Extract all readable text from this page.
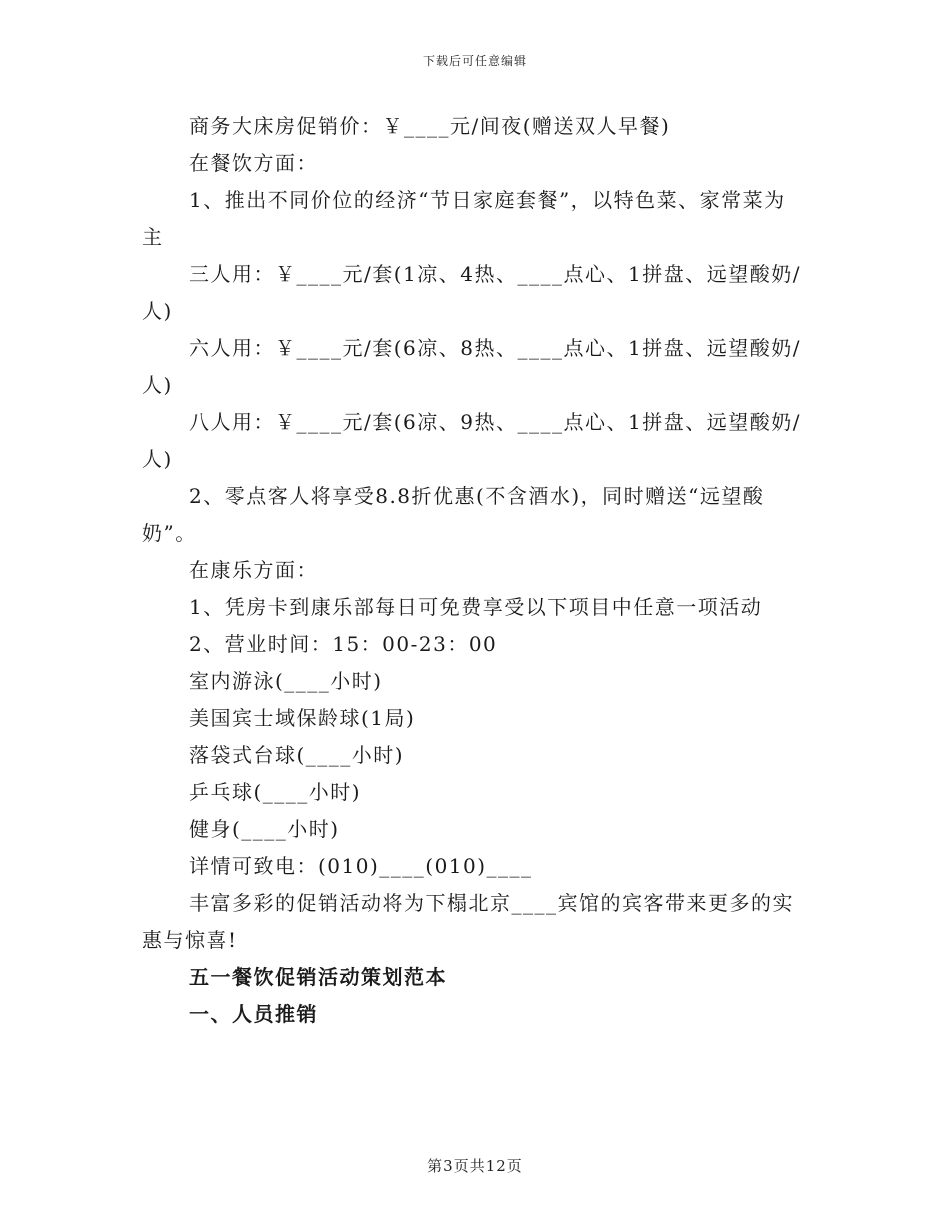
下载后可任意编辑
商务大床房促销价：￥____元/间夜(赠送双人早餐)
在餐饮方面：
1、推出不同价位的经济“节日家庭套餐”，以特色菜、家常菜为
主
三人用：￥____元/套(1凉、4热、____点心、1拼盘、远望酸奶/
人)
六人用：￥____元/套(6凉、8热、____点心、1拼盘、远望酸奶/
人)
八人用：￥____元/套(6凉、9热、____点心、1拼盘、远望酸奶/
人)
2、零点客人将享受8.8折优惠(不含酒水)，同时赠送“远望酸
奶”。
在康乐方面：
1、凭房卡到康乐部每日可免费享受以下项目中任意一项活动
2、营业时间：15：00-23：00
室内游泳(____小时)
美国宾士域保龄球(1局)
落袋式台球(____小时)
乒乓球(____小时)
健身(____小时)
详情可致电：(010)____(010)____
丰富多彩的促销活动将为下榻北京____宾馆的宾客带来更多的实
惠与惊喜!
五一餐饮促销活动策划范本
一、人员推销
第3页共12页
